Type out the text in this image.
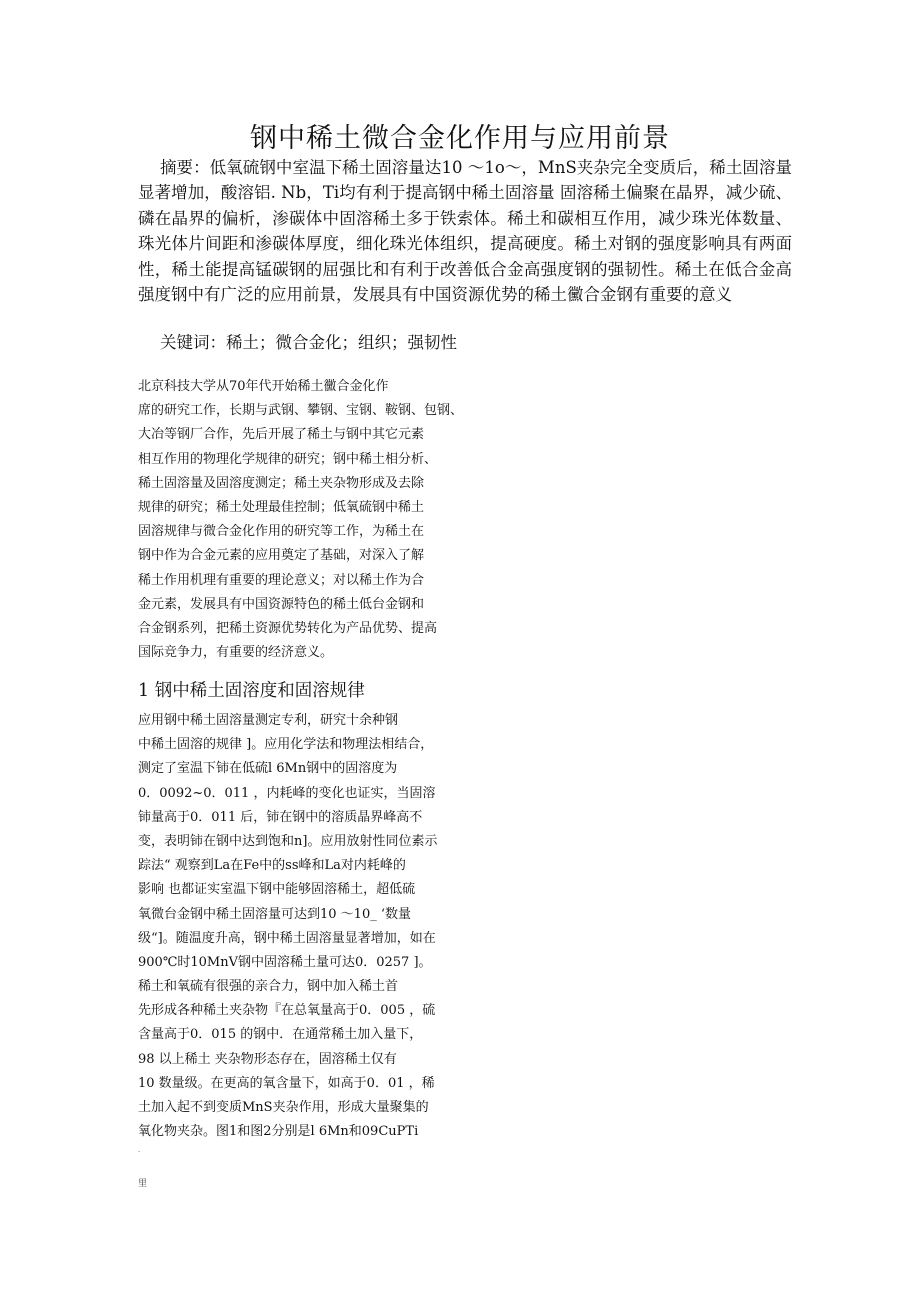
钢中稀土微合金化作用与应用前景

摘要：低氧硫钢中室温下稀土固溶量达10 ～1o～，MnS夹杂完全变质后，稀土固溶量显著增加，酸溶铝. Nb，Ti均有利于提高钢中稀土固溶量 固溶稀土偏聚在晶界，减少硫、磷在晶界的偏析，渗碳体中固溶稀土多于铁索体。稀土和碳相互作用，减少珠光体数量、珠光体片间距和渗碳体厚度，细化珠光体组织，提高硬度。稀土对钢的强度影响具有两面性，稀土能提高锰碳钢的屈强比和有利于改善低合金高强度钢的强韧性。稀土在低合金高强度钢中有广泛的应用前景，发展具有中国资源优势的稀土黴合金钢有重要的意义

关键词：稀土；微合金化；组织；强韧性

北京科技大学从70年代开始稀土黴合金化作
席的研究工作，长期与武钢、攀钢、宝钢、鞍钢、包钢、
大冶等钢厂合作，先后开展了稀土与钢中其它元素
相互作用的物理化学规律的研究；钢中稀土相分析、
稀土固溶量及固溶度测定；稀土夹杂物形成及去除
规律的研究；稀土处理最佳控制；低氧硫钢中稀土
固溶规律与微合金化作用的研究等工作，为稀土在
钢中作为合金元素的应用奠定了基础，对深入了解
稀土作用机理有重要的理论意义；对以稀土作为合
金元素，发展具有中国资源特色的稀土低台金钢和
合金钢系列，把稀土资源优势转化为产品优势、提高
国际竞争力，有重要的经济意义。
1 钢中稀土固溶度和固溶规律
应用钢中稀土固溶量测定专利，研究十余种钢
中稀土固溶的规律 ]。应用化学法和物理法相结合，
测定了室温下铈在低硫l 6Mn钢中的固溶度为
0．0092~0．011 ，内耗峰的变化也证实，当固溶
铈量高于0．011 后，铈在钢中的溶质晶界峰高不
变，表明铈在钢中达到饱和n]。应用放射性同位素示
踪法“ 观察到La在Fe中的ss峰和La对内耗峰的
影响 也都证实室温下钢中能够固溶稀土，超低硫
氧微台金钢中稀土固溶量可达到10 ～10_ ‘数量
级“]。随温度升高，钢中稀土固溶量显著增加，如在
900℃时10MnV钢中固溶稀土量可达0．0257 ]。
稀土和氧硫有很强的亲合力，钢中加入稀土首
先形成各种稀土夹杂物『在总氧量高于0．005 ，硫
含量高于0．015 的钢中．在通常稀土加入量下，
98 以上稀土 夹杂物形态存在，固溶稀土仅有
10 数量级。在更高的氧含量下，如高于0．01 ，稀
土加入起不到变质MnS夹杂作用，形成大量聚集的
氧化物夹杂。图1和图2分别是l 6Mn和09CuPTi
·
里
